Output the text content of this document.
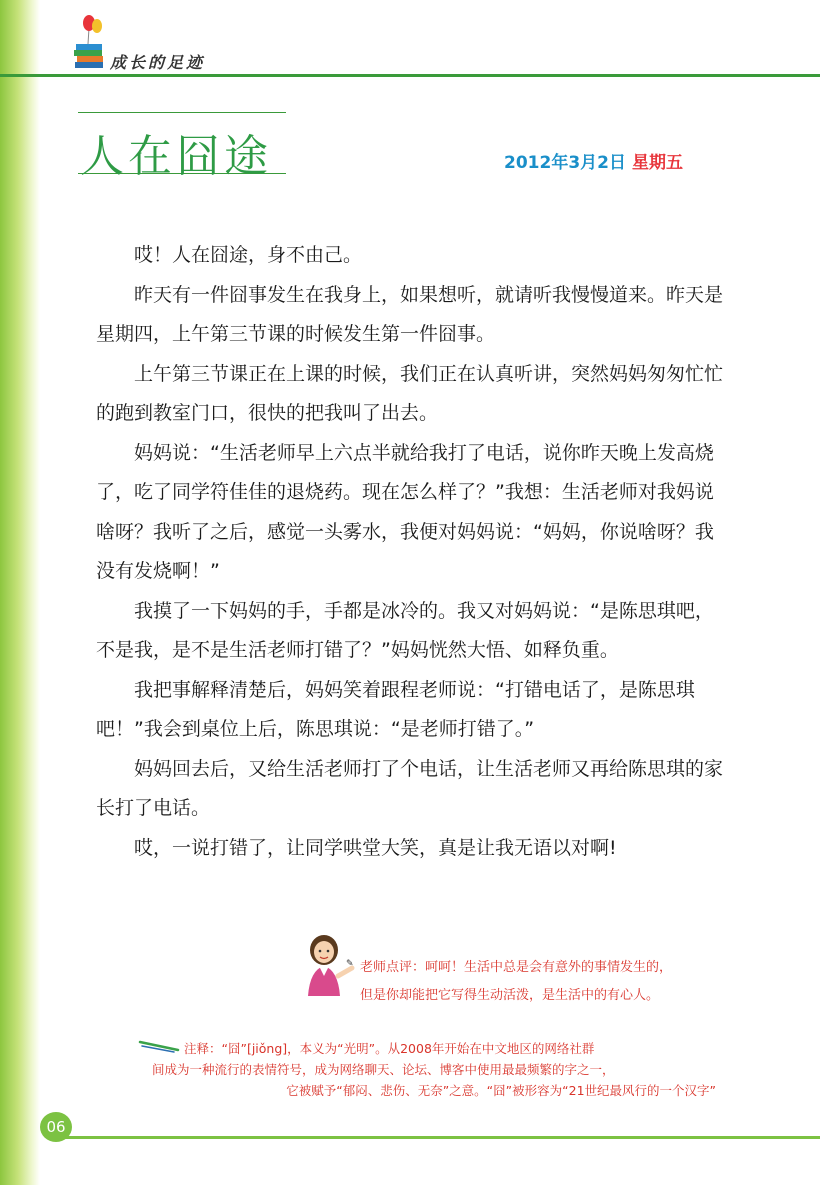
成长的足迹
人在囧途	2012年3月2日 星期五

哎！人在囧途，身不由己。

昨天有一件囧事发生在我身上，如果想听，就请听我慢慢道来。昨天是星期四，上午第三节课的时候发生第一件囧事。

上午第三节课正在上课的时候，我们正在认真听讲，突然妈妈匆匆忙忙的跑到教室门口，很快的把我叫了出去。

妈妈说：“生活老师早上六点半就给我打了电话，说你昨天晚上发高烧了，吃了同学符佳佳的退烧药。现在怎么样了？”我想：生活老师对我妈说啥呀？我听了之后，感觉一头雾水，我便对妈妈说：“妈妈，你说啥呀？我没有发烧啊！”

我摸了一下妈妈的手，手都是冰冷的。我又对妈妈说：“是陈思琪吧，不是我，是不是生活老师打错了？”妈妈恍然大悟、如释负重。

我把事解释清楚后，妈妈笑着跟程老师说：“打错电话了，是陈思琪吧！”我会到桌位上后，陈思琪说：“是老师打错了。”

妈妈回去后，又给生活老师打了个电话，让生活老师又再给陈思琪的家长打了电话。

哎，一说打错了，让同学哄堂大笑，真是让我无语以对啊!

✎ 老师点评：呵呵！生活中总是会有意外的事情发生的，
但是你却能把它写得生动活泼，是生活中的有心人。
注释：“囧”[jiǒng]，本义为“光明”。从2008年开始在中文地区的网络社群
间成为一种流行的表情符号，成为网络聊天、论坛、博客中使用最最频繁的字之一，
它被赋予“郁闷、悲伤、无奈”之意。“囧”被形容为“21世纪最风行的一个汉字”
06
